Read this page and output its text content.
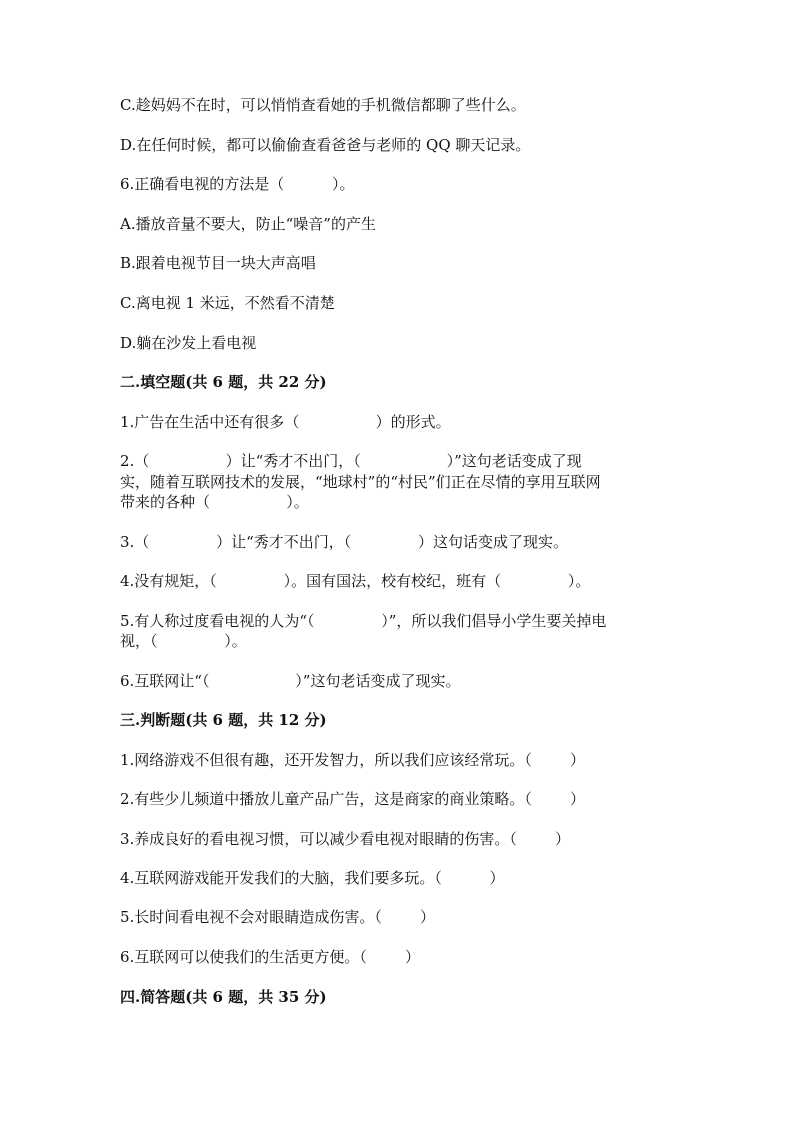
C.趁妈妈不在时，可以悄悄查看她的手机微信都聊了些什么。
D.在任何时候，都可以偷偷查看爸爸与老师的 QQ 聊天记录。
6.正确看电视的方法是（          ）。
A.播放音量不要大，防止“噪音”的产生
B.跟着电视节目一块大声高唱
C.离电视 1 米远，不然看不清楚
D.躺在沙发上看电视
二.填空题(共 6 题，共 22 分)
1.广告在生活中还有很多（                ）的形式。
2.（                ）让“秀才不出门，（                  ）”这句老话变成了现
实，随着互联网技术的发展，“地球村”的“村民”们正在尽情的享用互联网
带来的各种（                ）。
3.（              ）让“秀才不出门，（              ）这句话变成了现实。
4.没有规矩，（              ）。国有国法，校有校纪，班有（              ）。
5.有人称过度看电视的人为“（              ）”，所以我们倡导小学生要关掉电
视，（              ）。
6.互联网让“（                  ）”这句老话变成了现实。
三.判断题(共 6 题，共 12 分)
1.网络游戏不但很有趣，还开发智力，所以我们应该经常玩。（        ）
2.有些少儿频道中播放儿童产品广告，这是商家的商业策略。（        ）
3.养成良好的看电视习惯，可以减少看电视对眼睛的伤害。（        ）
4.互联网游戏能开发我们的大脑，我们要多玩。（          ）
5.长时间看电视不会对眼睛造成伤害。（        ）
6.互联网可以使我们的生活更方便。（        ）
四.简答题(共 6 题，共 35 分)
